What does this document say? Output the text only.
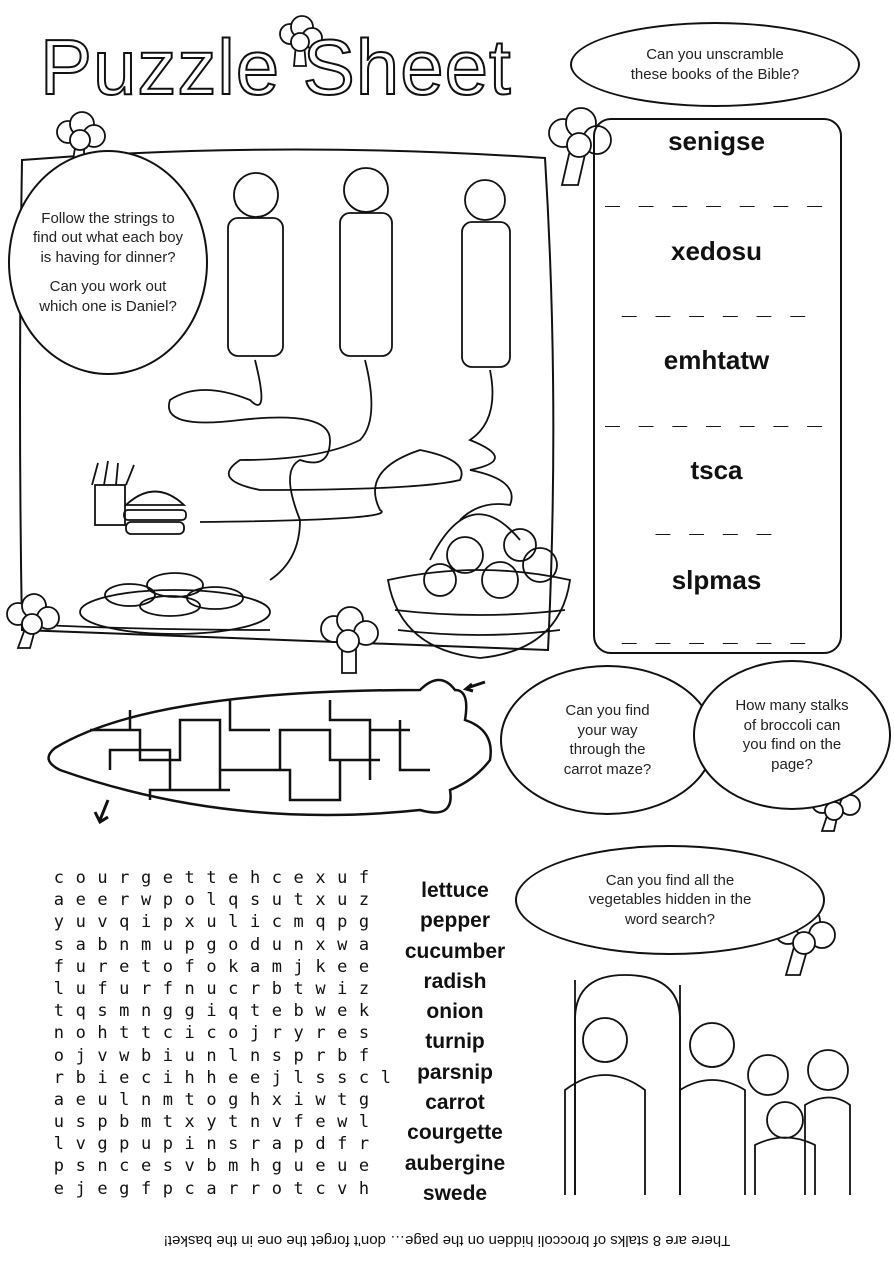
Puzzle Sheet	Can you unscramble these books of the Bible?
Follow the strings to find out what each boy is having for dinner?
Can you work out which one is Daniel?
senigse
_ _ _ _ _ _ _
xedosu
_ _ _ _ _ _
emhtatw
_ _ _ _ _ _ _
tsca
_ _ _ _
slpmas
_ _ _ _ _ _
Can you find your way through the carrot maze?
How many stalks of broccoli can you find on the page?
Can you find all the vegetables hidden in the word search?
c o u r g e t t e h c e x u f
a e e r w p o l q s u t x u z
y u v q i p x u l i c m q p g
s a b n m u p g o d u n x w a
f u r e t o f o k a m j k e e
l u f u r f n u c r b t w i z
t q s m n g g i q t e b w e k
n o h t t c i c o j r y r e s
o j v w b i u n l n s p r b f
r b i e c i h h e e j l s s c l
a e u l n m t o g h x i w t g
u s p b m t x y t n v f e w l
l v g p u p i n s r a p d f r
p s n c e s v b m h g u e u e
e j e g f p c a r r o t c v h
lettuce
pepper
cucumber
radish
onion
turnip
parsnip
carrot
courgette
aubergine
swede
There are 8 stalks of broccoli hidden on the page… don't forget the one in the basket!
